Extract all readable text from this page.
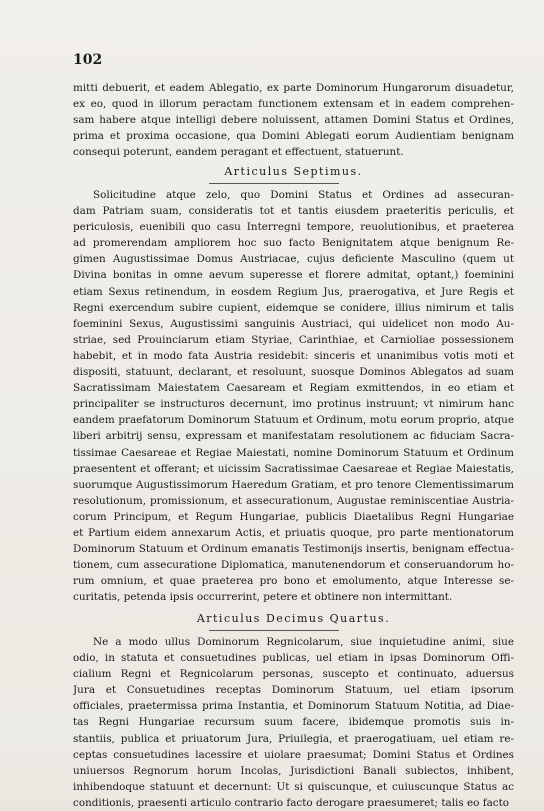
102
mitti debuerit, et eadem Ablegatio, ex parte Dominorum Hungarorum disuadetur,
ex eo, quod in illorum peractam functionem extensam et in eadem comprehen-
sam habere atque intelligi debere noluissent, attamen Domini Status et Ordines,
prima et proxima occasione, qua Domini Ablegati eorum Audientiam benignam
consequi poterunt, eandem peragant et effectuent, statuerunt.
Articulus Septimus.
Solicitudine atque zelo, quo Domini Status et Ordines ad assecuran-
dam Patriam suam, consideratis tot et tantis eiusdem praeteritis periculis, et
periculosis, euenibili quo casu Interregni tempore, reuolutionibus, et praeterea
ad promerendam ampliorem hoc suo facto Benignitatem atque benignum Re-
gimen Augustissimae Domus Austriacae, cujus deficiente Masculino (quem ut
Divina bonitas in omne aevum superesse et florere admitat, optant,) foeminini
etiam Sexus retinendum, in eosdem Regium Jus, praerogativa, et Jure Regis et
Regni exercendum subire cupient, eidemque se conidere, illius nimirum et talis
foeminini Sexus, Augustissimi sanguinis Austriaci, qui uidelicet non modo Au-
striae, sed Prouinciarum etiam Styriae, Carinthiae, et Carnioliae possessionem
habebit, et in modo fata Austria residebit: sinceris et unanimibus votis moti et
dispositi, statuunt, declarant, et resoluunt, suosque Dominos Ablegatos ad suam
Sacratissimam Maiestatem Caesaream et Regiam exmittendos, in eo etiam et
principaliter se instructuros decernunt, imo protinus instruunt; vt nimirum hanc
eandem praefatorum Dominorum Statuum et Ordinum, motu eorum proprio, atque
liberi arbitrij sensu, expressam et manifestatam resolutionem ac fiduciam Sacra-
tissimae Caesareae et Regiae Maiestati, nomine Dominorum Statuum et Ordinum
praesentent et offerant; et uicissim Sacratissimae Caesareae et Regiae Maiestatis,
suorumque Augustissimorum Haeredum Gratiam, et pro tenore Clementissimarum
resolutionum, promissionum, et assecurationum, Augustae reminiscentiae Austria-
corum Principum, et Regum Hungariae, publicis Diaetalibus Regni Hungariae
et Partium eidem annexarum Actis, et priuatis quoque, pro parte mentionatorum
Dominorum Statuum et Ordinum emanatis Testimonijs insertis, benignam effectua-
tionem, cum assecuratione Diplomatica, manutenendorum et conseruandorum ho-
rum omnium, et quae praeterea pro bono et emolumento, atque Interesse se-
curitatis, petenda ipsis occurrerint, petere et obtinere non intermittant.
Articulus Decimus Quartus.
Ne a modo ullus Dominorum Regnicolarum, siue inquietudine animi, siue
odio, in statuta et consuetudines publicas, uel etiam in ipsas Dominorum Offi-
cialium Regni et Regnicolarum personas, suscepto et continuato, aduersus
Jura et Consuetudines receptas Dominorum Statuum, uel etiam ipsorum
officiales, praetermissa prima Instantia, et Dominorum Statuum Notitia, ad Diae-
tas Regni Hungariae recursum suum facere, ibidemque promotis suis in-
stantiis, publica et priuatorum Jura, Priuilegia, et praerogatiuam, uel etiam re-
ceptas consuetudines lacessire et uiolare praesumat; Domini Status et Ordines
uniuersos Regnorum horum Incolas, Jurisdictioni Banali subiectos, inhibent,
inhibendoque statuunt et decernunt: Ut si quiscunque, et cuiuscunque Status ac
conditionis, praesenti articulo contrario facto derogare praesumeret; talis eo facto
